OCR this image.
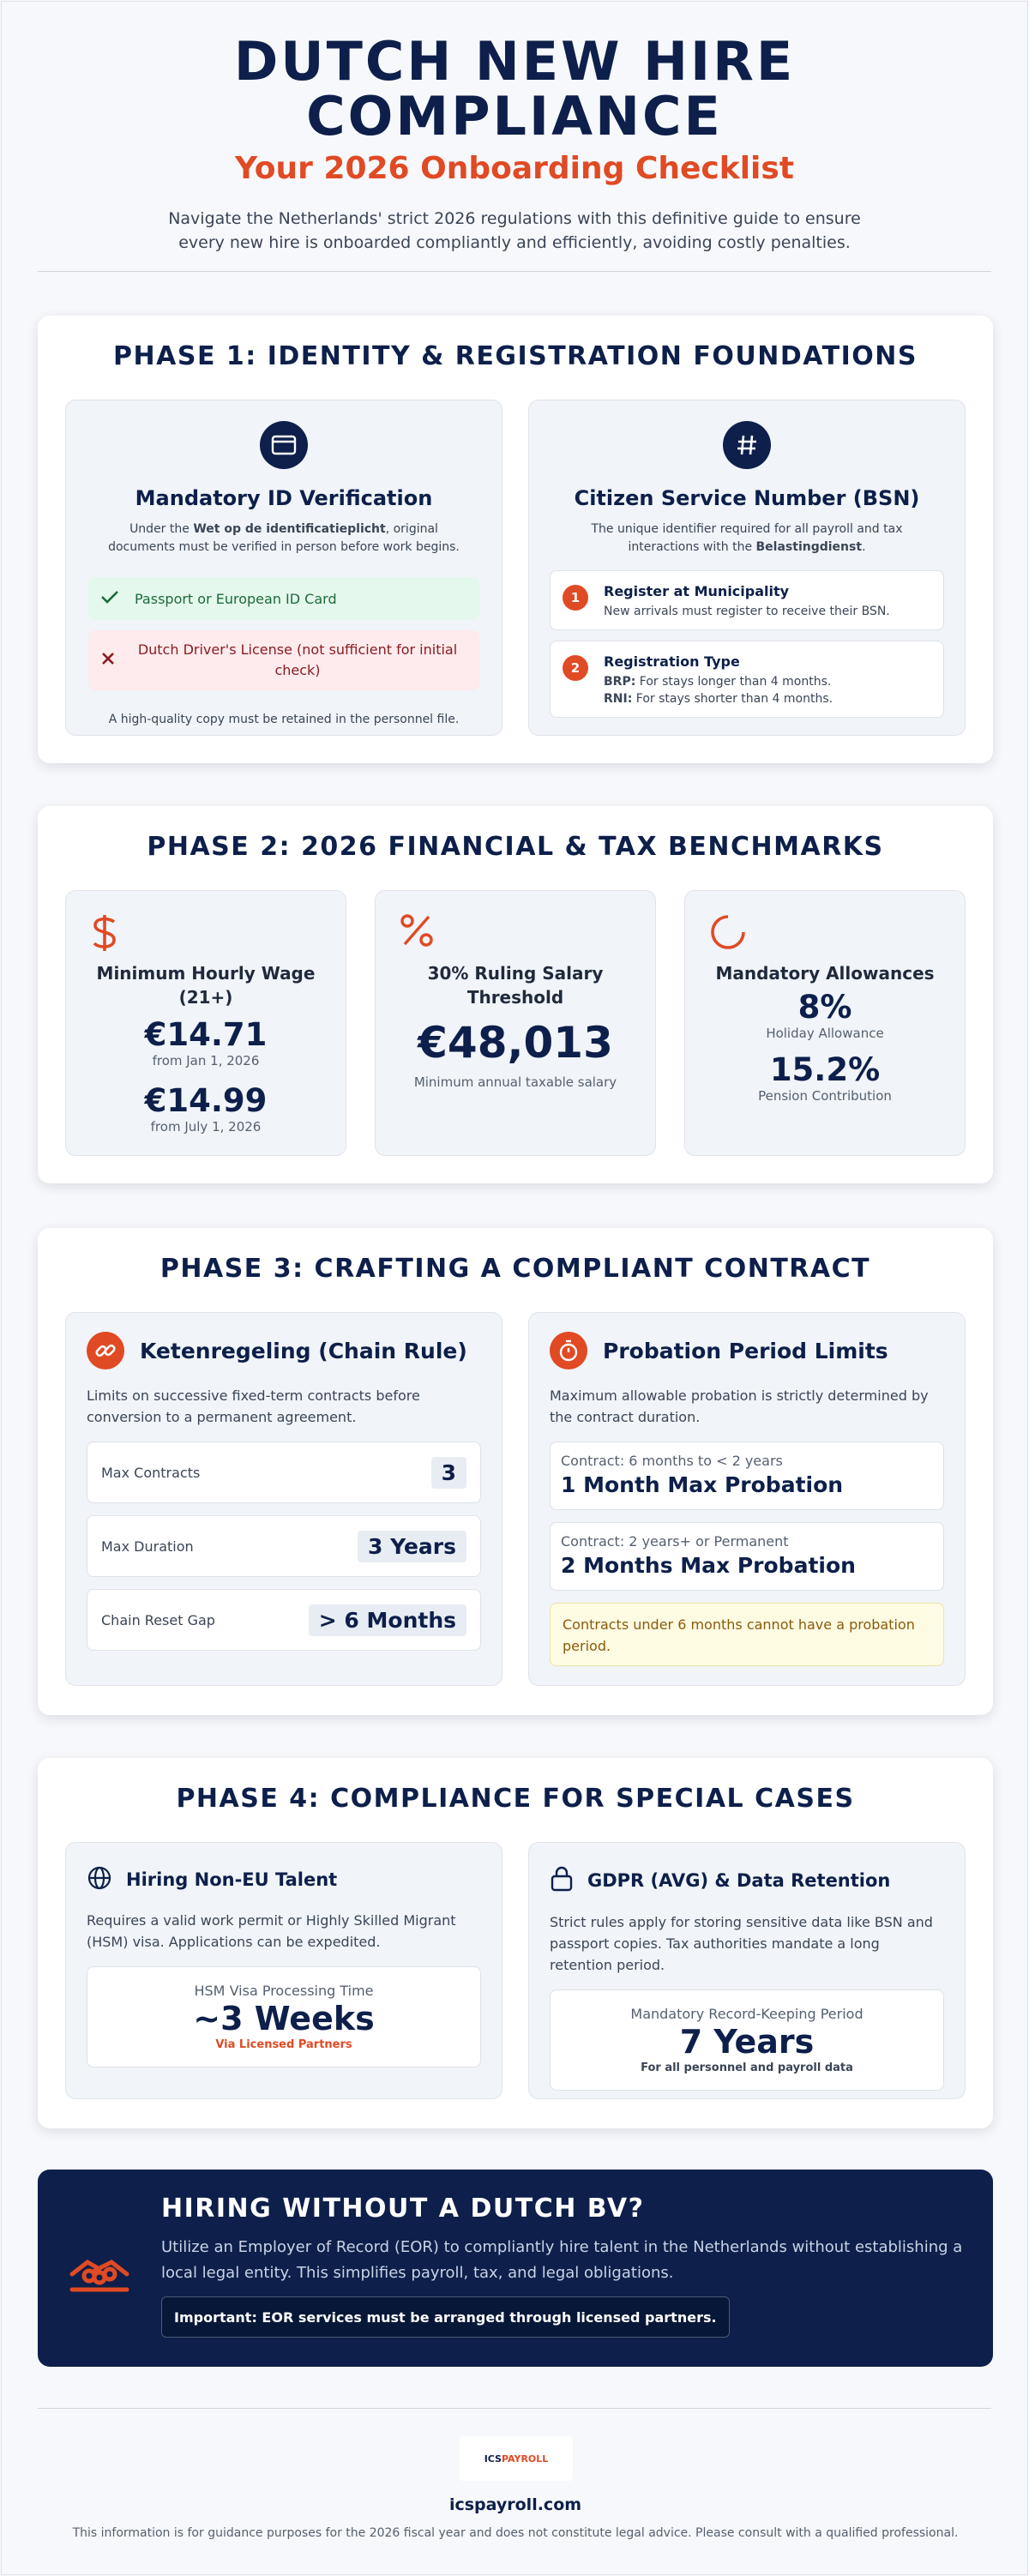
DUTCH NEW HIRE
COMPLIANCE
Your 2026 Onboarding Checklist
Navigate the Netherlands' strict 2026 regulations with this definitive guide to ensure every new hire is onboarded compliantly and efficiently, avoiding costly penalties.
PHASE 1: IDENTITY & REGISTRATION FOUNDATIONS
Mandatory ID Verification
Under the Wet op de identificatieplicht, original documents must be verified in person before work begins.
Passport or European ID Card
Dutch Driver's License (not sufficient for initial check)
A high-quality copy must be retained in the personnel file.
Citizen Service Number (BSN)
The unique identifier required for all payroll and tax interactions with the Belastingdienst.
1	Register at Municipality
New arrivals must register to receive their BSN.
2	Registration Type
BRP: For stays longer than 4 months.
RNI: For stays shorter than 4 months.
PHASE 2: 2026 FINANCIAL & TAX BENCHMARKS
Minimum Hourly Wage
(21+)
€14.71
from Jan 1, 2026
€14.99
from July 1, 2026
30% Ruling Salary
Threshold
€48,013
Minimum annual taxable salary
Mandatory Allowances
8%
Holiday Allowance
15.2%
Pension Contribution
PHASE 3: CRAFTING A COMPLIANT CONTRACT
Ketenregeling (Chain Rule)
Limits on successive fixed-term contracts before conversion to a permanent agreement.
Max Contracts	3
Max Duration	3 Years
Chain Reset Gap	> 6 Months
Probation Period Limits
Maximum allowable probation is strictly determined by the contract duration.
Contract: 6 months to < 2 years
1 Month Max Probation
Contract: 2 years+ or Permanent
2 Months Max Probation
Contracts under 6 months cannot have a probation period.
PHASE 4: COMPLIANCE FOR SPECIAL CASES
Hiring Non-EU Talent
Requires a valid work permit or Highly Skilled Migrant (HSM) visa. Applications can be expedited.
HSM Visa Processing Time
~3 Weeks
Via Licensed Partners
GDPR (AVG) & Data Retention
Strict rules apply for storing sensitive data like BSN and passport copies. Tax authorities mandate a long retention period.
Mandatory Record-Keeping Period
7 Years
For all personnel and payroll data
HIRING WITHOUT A DUTCH BV?
Utilize an Employer of Record (EOR) to compliantly hire talent in the Netherlands without establishing a local legal entity. This simplifies payroll, tax, and legal obligations.
Important: EOR services must be arranged through licensed partners.
ICS PAYROLL
icspayroll.com
This information is for guidance purposes for the 2026 fiscal year and does not constitute legal advice. Please consult with a qualified professional.
